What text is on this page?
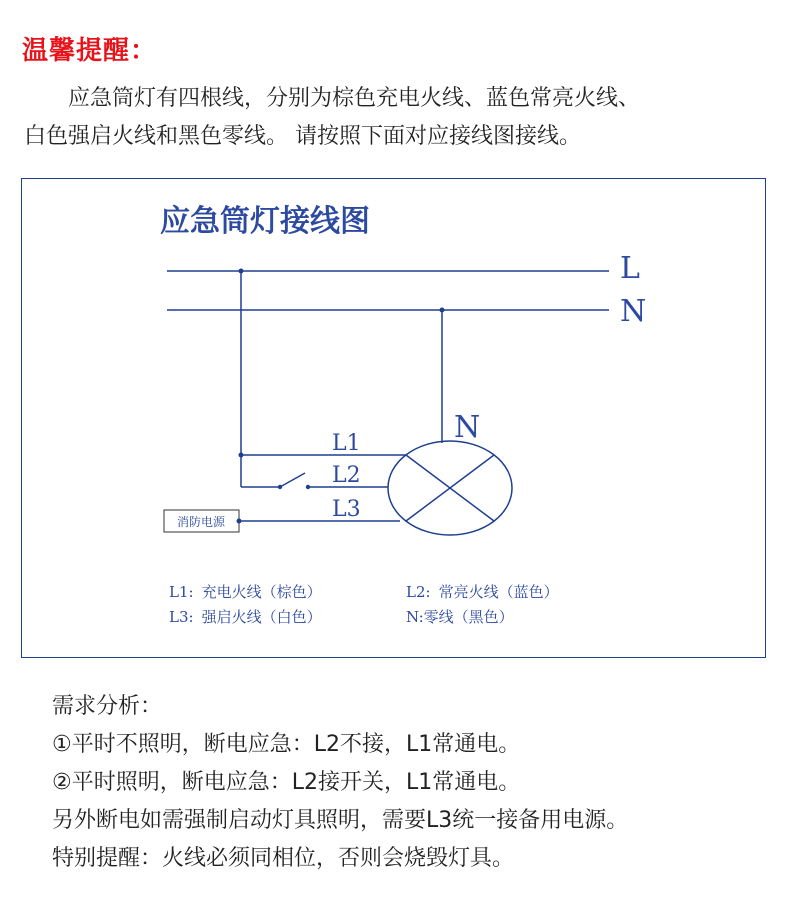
温馨提醒：

应急筒灯有四根线，分别为棕色充电火线、蓝色常亮火线、

白色强启火线和黑色零线。 请按照下面对应接线图接线。

应急筒灯接线图
L
N
L1
L2
消防电源	L3
N
L1: 充电火线（棕色）	L2: 常亮火线（蓝色）
L3: 强启火线（白色）	N:零线（黑色）

需求分析：

①平时不照明，断电应急：L2不接，L1常通电。

②平时照明，断电应急：L2接开关，L1常通电。

另外断电如需强制启动灯具照明，需要L3统一接备用电源。

特别提醒：火线必须同相位，否则会烧毁灯具。
